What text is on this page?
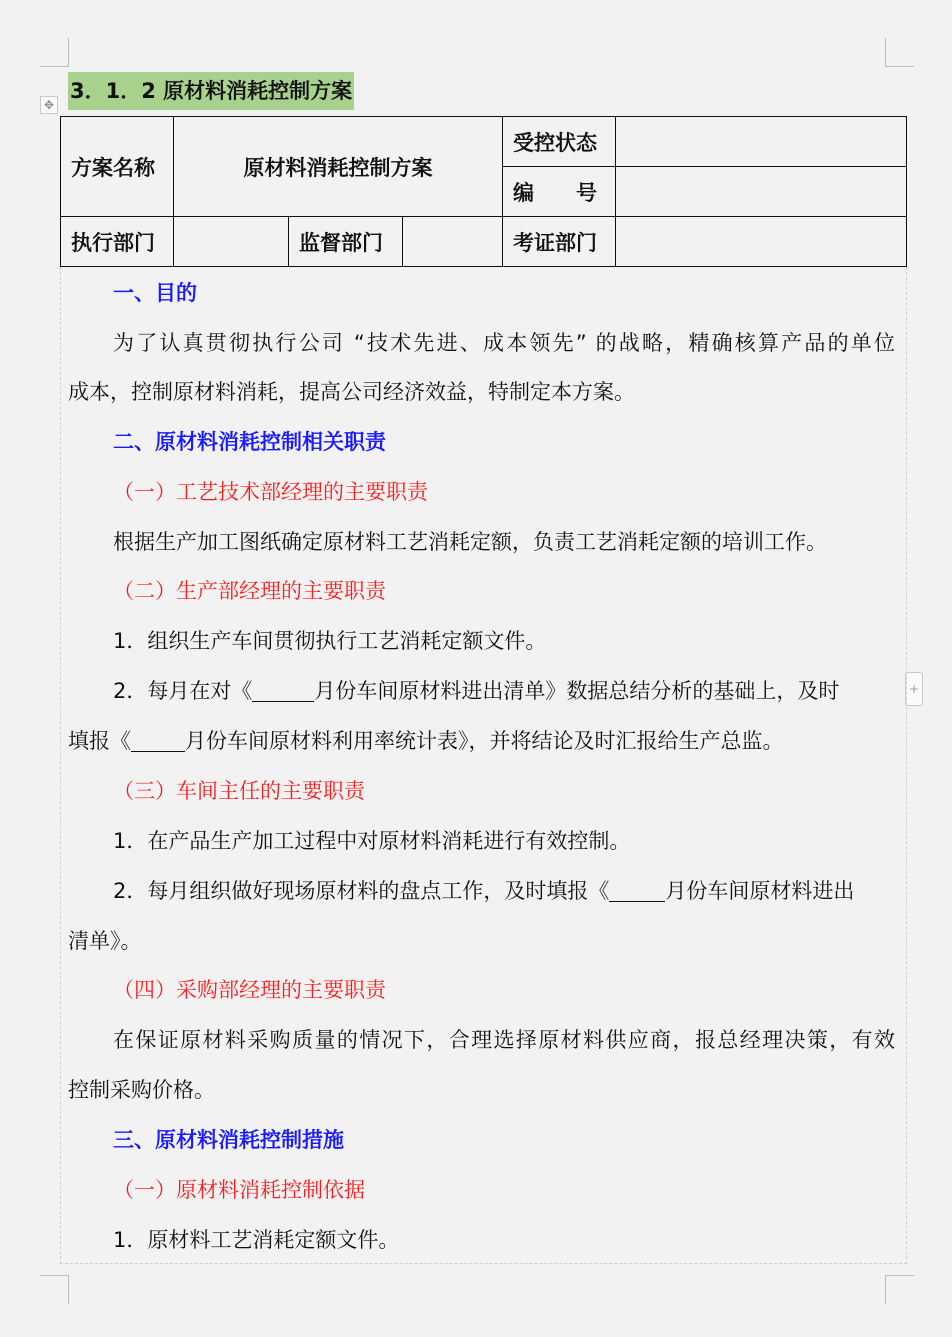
3．1．2 原材料消耗控制方案
✥
+
方案名称	原材料消耗控制方案			受控状态	
				编　　号	
执行部门		监督部门		考证部门	
一、目的
为了认真贯彻执行公司 “技术先进、成本领先” 的战略，精确核算产品的单位
成本，控制原材料消耗，提高公司经济效益，特制定本方案。
二、原材料消耗控制相关职责
（一）工艺技术部经理的主要职责
根据生产加工图纸确定原材料工艺消耗定额，负责工艺消耗定额的培训工作。
（二）生产部经理的主要职责
1．组织生产车间贯彻执行工艺消耗定额文件。
2．每月在对《	月份车间原材料进出清单》数据总结分析的基础上，及时
填报《	月份车间原材料利用率统计表》，并将结论及时汇报给生产总监。
（三）车间主任的主要职责
1．在产品生产加工过程中对原材料消耗进行有效控制。
2．每月组织做好现场原材料的盘点工作，及时填报《	月份车间原材料进出
清单》。
（四）采购部经理的主要职责
在保证原材料采购质量的情况下，合理选择原材料供应商，报总经理决策，有效
控制采购价格。
三、原材料消耗控制措施
（一）原材料消耗控制依据
1．原材料工艺消耗定额文件。
